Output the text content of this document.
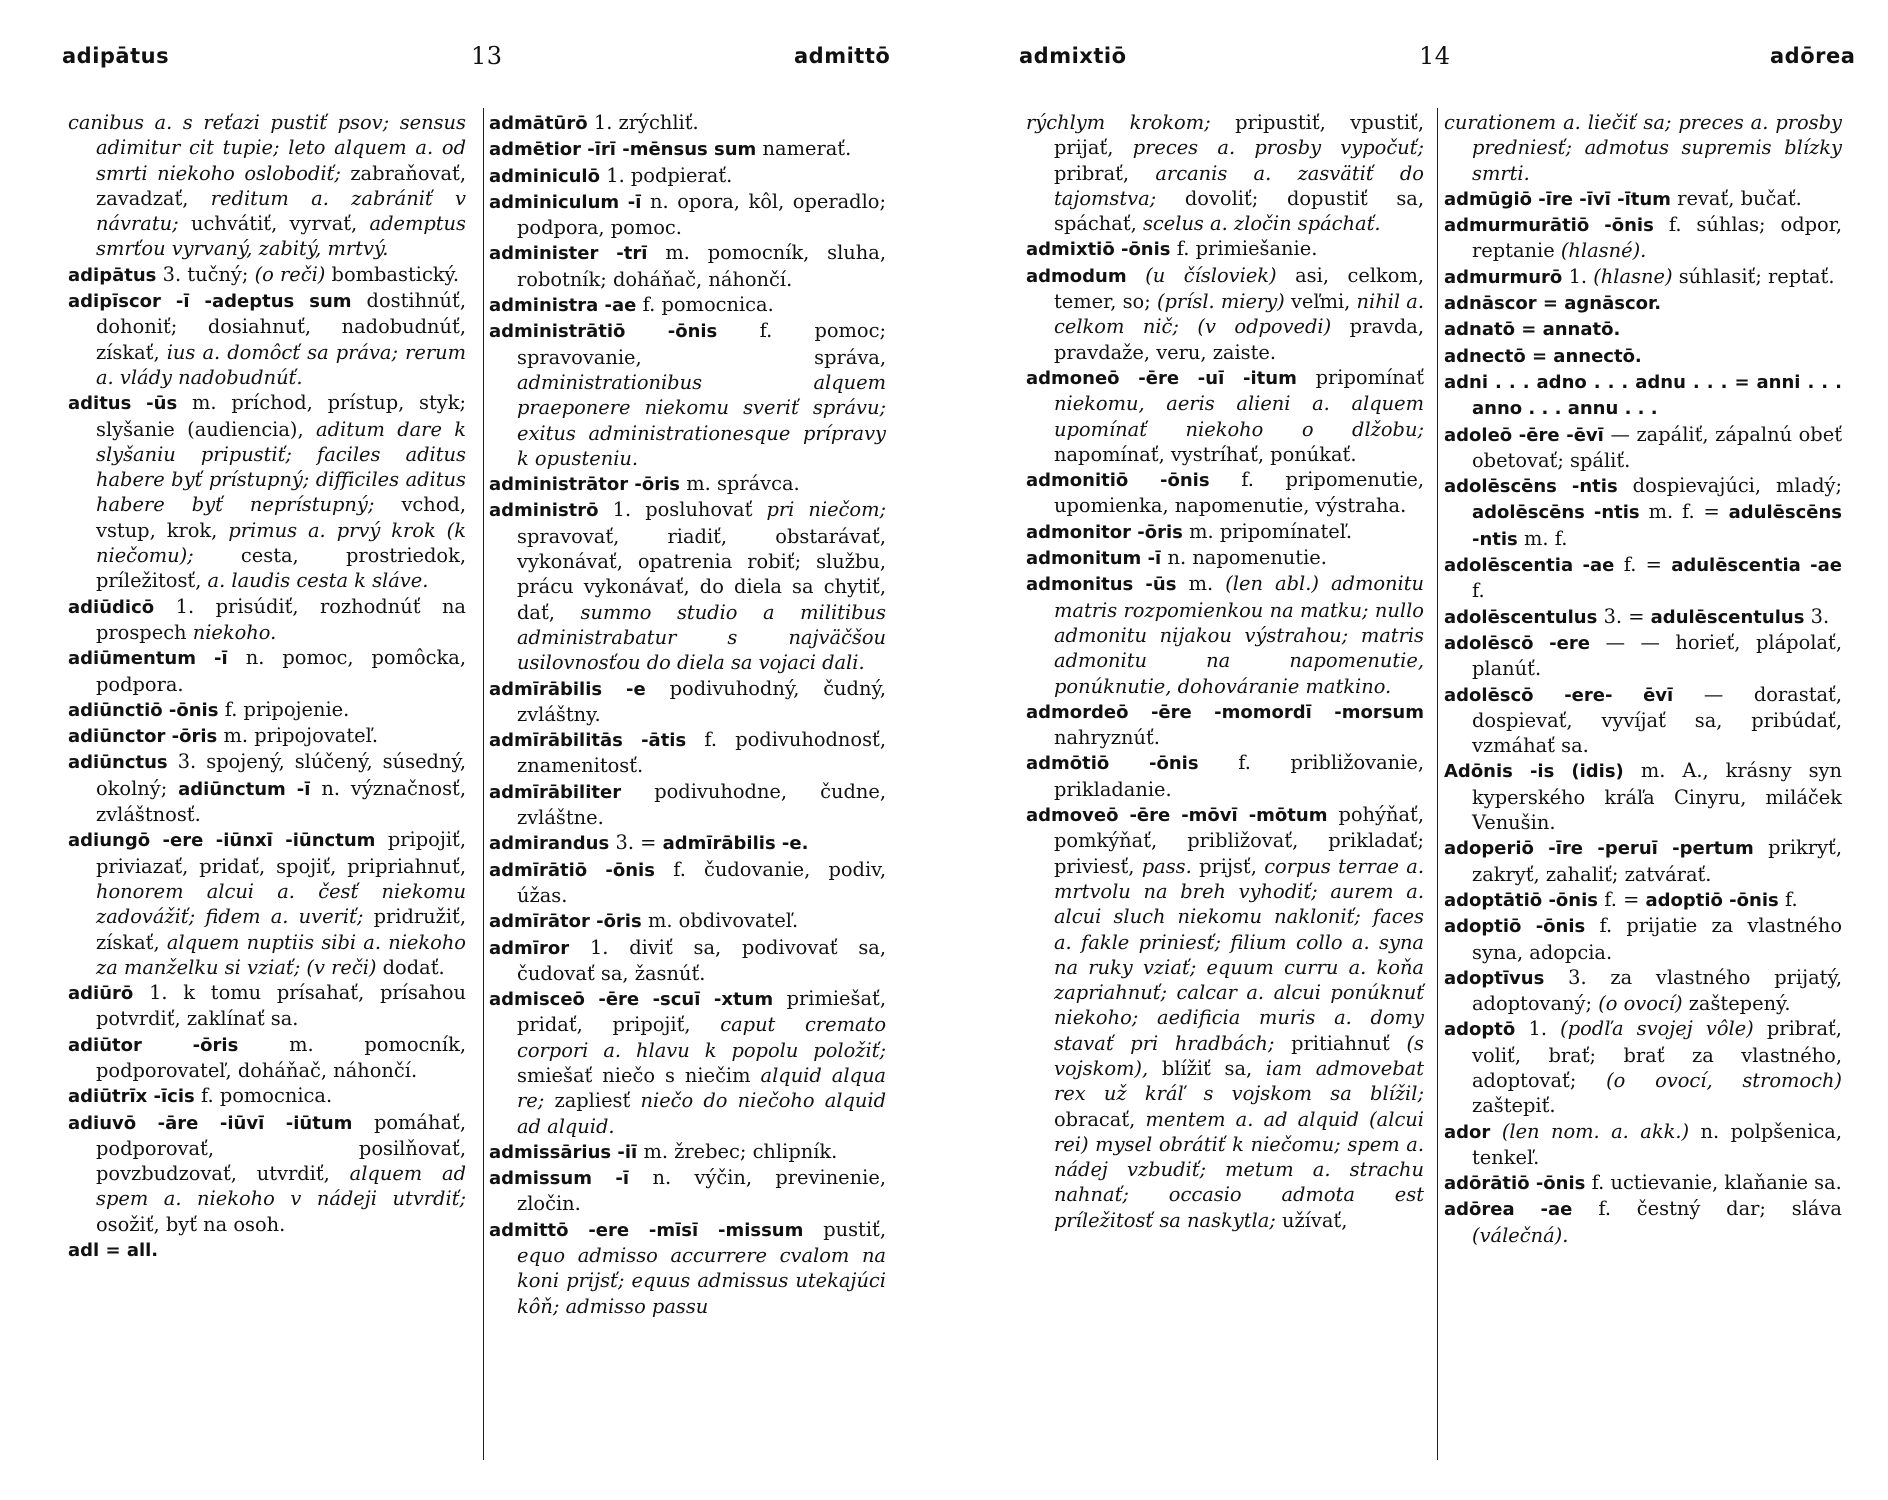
adipātus	13	admittō
canibus a. s reťazi pustiť psov; sensus adimitur cit tupie; leto alquem a. od smrti niekoho oslobodiť; zabraňovať, zavadzať, reditum a. zabrániť v návratu; uchvátiť, vyrvať, ademptus smrťou vyrvaný, zabitý, mrtvý.
adipātus 3. tučný; (o reči) bombastický.
adipīscor -ī -adeptus sum dostihnúť, dohoniť; dosiahnuť, nadobudnúť, získať, ius a. domôcť sa práva; rerum a. vlády nadobudnúť.
aditus -ūs m. príchod, prístup, styk; slyšanie (audiencia), aditum dare k slyšaniu pripustiť; faciles aditus habere byť prístupný; difficiles aditus habere byť neprístupný; vchod, vstup, krok, primus a. prvý krok (k niečomu); cesta, prostriedok, príležitosť, a. laudis cesta k sláve.
adiūdicō 1. prisúdiť, rozhodnúť na prospech niekoho.
adiūmentum -ī n. pomoc, pomôcka, podpora.
adiūnctiō -ōnis f. pripojenie.
adiūnctor -ōris m. pripojovateľ.
adiūnctus 3. spojený, slúčený, súsedný, okolný; adiūnctum -ī n. význačnosť, zvláštnosť.
adiungō -ere -iūnxī -iūnctum pripojiť, priviazať, pridať, spojiť, pripriahnuť, honorem alcui a. česť niekomu zadovážiť; fidem a. uveriť; pridružiť, získať, alquem nuptiis sibi a. niekoho za manželku si vziať; (v reči) dodať.
adiūrō 1. k tomu prísahať, prísahou potvrdiť, zaklínať sa.
adiūtor -ōris m. pomocník, podporovateľ, doháňač, náhončí.
adiūtrīx -īcis f. pomocnica.
adiuvō -āre -iūvī -iūtum pomáhať, podporovať, posilňovať, povzbudzovať, utvrdiť, alquem ad spem a. niekoho v nádeji utvrdiť; osožiť, byť na osoh.
adl = all.
admātūrō 1. zrýchliť.
admētior -īrī -mēnsus sum namerať.
adminiculō 1. podpierať.
adminiculum -ī n. opora, kôl, operadlo; podpora, pomoc.
administer -trī m. pomocník, sluha, robotník; doháňač, náhončí.
administra -ae f. pomocnica.
administrātiō -ōnis f. pomoc; spravovanie, správa, administrationibus alquem praeponere niekomu sveriť správu; exitus administrationesque prípravy k opusteniu.
administrātor -ōris m. správca.
administrō 1. posluhovať pri niečom; spravovať, riadiť, obstarávať, vykonávať, opatrenia robiť; službu, prácu vykonávať, do diela sa chytiť, dať, summo studio a militibus administrabatur s najväčšou usilovnosťou do diela sa vojaci dali.
admīrābilis -e podivuhodný, čudný, zvláštny.
admīrābilitās -ātis f. podivuhodnosť, znamenitosť.
admīrābiliter podivuhodne, čudne, zvláštne.
admirandus 3. = admīrābilis -e.
admīrātiō -ōnis f. čudovanie, podiv, úžas.
admīrātor -ōris m. obdivovateľ.
admīror 1. diviť sa, podivovať sa, čudovať sa, žasnúť.
admisceō -ēre -scuī -xtum primiešať, pridať, pripojiť, caput cremato corpori a. hlavu k popolu položiť; smiešať niečo s niečim alquid alqua re; zapliesť niečo do niečoho alquid ad alquid.
admissārius -iī m. žrebec; chlipník.
admissum -ī n. výčin, previnenie, zločin.
admittō -ere -mīsī -missum pustiť, equo admisso accurrere cvalom na koni prijsť; equus admissus utekajúci kôň; admisso passu
admixtiō	14	adōrea
rýchlym krokom; pripustiť, vpustiť, prijať, preces a. prosby vypočuť; pribrať, arcanis a. zasvätiť do tajomstva; dovoliť; dopustiť sa, spáchať, scelus a. zločin spáchať.
admixtiō -ōnis f. primiešanie.
admodum (u čísloviek) asi, celkom, temer, so; (prísl. miery) veľmi, nihil a. celkom nič; (v odpovedi) pravda, pravdaže, veru, zaiste.
admoneō -ēre -uī -itum pripomínať niekomu, aeris alieni a. alquem upomínať niekoho o dlžobu; napomínať, vystríhať, ponúkať.
admonitiō -ōnis f. pripomenutie, upomienka, napomenutie, výstraha.
admonitor -ōris m. pripomínateľ.
admonitum -ī n. napomenutie.
admonitus -ūs m. (len abl.) admonitu matris rozpomienkou na matku; nullo admonitu nijakou výstrahou; matris admonitu na napomenutie, ponúknutie, dohováranie matkino.
admordeō -ēre -momordī -morsum nahryznúť.
admōtiō -ōnis f. približovanie, prikladanie.
admoveō -ēre -mōvī -mōtum pohýňať, pomkýňať, približovať, prikladať; priviesť, pass. prijsť, corpus terrae a. mrtvolu na breh vyhodiť; aurem a. alcui sluch niekomu nakloniť; faces a. fakle priniesť; filium collo a. syna na ruky vziať; equum curru a. koňa zapriahnuť; calcar a. alcui ponúknuť niekoho; aedificia muris a. domy stavať pri hradbách; pritiahnuť (s vojskom), blížiť sa, iam admovebat rex už kráľ s vojskom sa blížil; obracať, mentem a. ad alquid (alcui rei) mysel obrátiť k niečomu; spem a. nádej vzbudiť; metum a. strachu nahnať; occasio admota est príležitosť sa naskytla; užívať,
curationem a. liečiť sa; preces a. prosby predniesť; admotus supremis blízky smrti.
admūgiō -īre -īvī -ītum revať, bučať.
admurmurātiō -ōnis f. súhlas; odpor, reptanie (hlasné).
admurmurō 1. (hlasne) súhlasiť; reptať.
adnāscor = agnāscor.
adnatō = annatō.
adnectō = annectō.
adni . . . adno . . . adnu . . . = anni . . . anno . . . annu . . .
adoleō -ēre -ēvī — zapáliť, zápalnú obeť obetovať; spáliť.
adolēscēns -ntis dospievajúci, mladý; adolēscēns -ntis m. f. = adulēscēns -ntis m. f.
adolēscentia -ae f. = adulēscentia -ae f.
adolēscentulus 3. = adulēscentulus 3.
adolēscō -ere — — horieť, plápolať, planúť.
adolēscō -ere- ēvī — dorastať, dospievať, vyvíjať sa, pribúdať, vzmáhať sa.
Adōnis -is (idis) m. A., krásny syn kyperského kráľa Cinyru, miláček Venušin.
adoperiō -īre -peruī -pertum prikryť, zakryť, zahaliť; zatvárať.
adoptātiō -ōnis f. = adoptiō -ōnis f.
adoptiō -ōnis f. prijatie za vlastného syna, adopcia.
adoptīvus 3. za vlastného prijatý, adoptovaný; (o ovocí) zaštepený.
adoptō 1. (podľa svojej vôle) pribrať, voliť, brať; brať za vlastného, adoptovať; (o ovocí, stromoch) zaštepiť.
ador (len nom. a. akk.) n. polpšenica, tenkeľ.
adōrātiō -ōnis f. uctievanie, klaňanie sa.
adōrea -ae f. čestný dar; sláva (válečná).
